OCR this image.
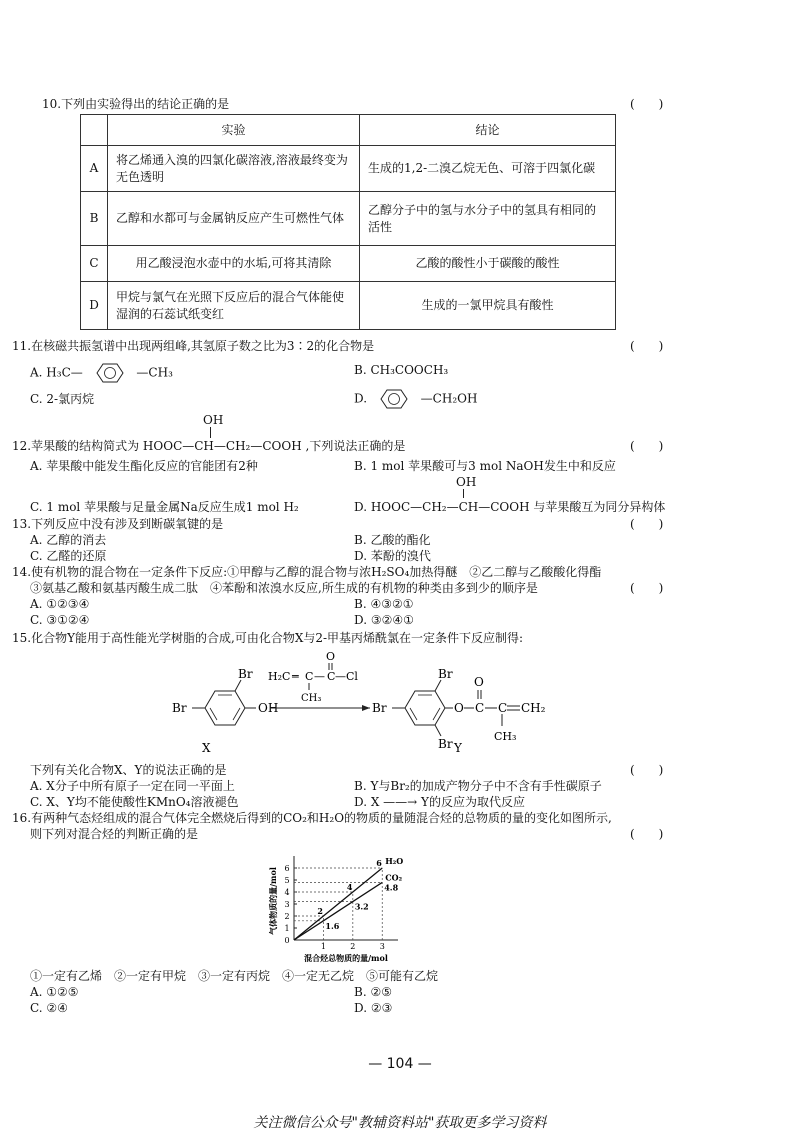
10.下列由实验得出的结论正确的是	(　　)
	实验	结论
A	将乙烯通入溴的四氯化碳溶液,溶液最终变为无色透明	生成的1,2-二溴乙烷无色、可溶于四氯化碳
B	乙醇和水都可与金属钠反应产生可燃性气体	乙醇分子中的氢与水分子中的氢具有相同的活性
C	用乙酸浸泡水壶中的水垢,可将其清除	乙酸的酸性小于碳酸的酸性
D	甲烷与氯气在光照下反应后的混合气体能使湿润的石蕊试纸变红	生成的一氯甲烷具有酸性
11.在核磁共振氢谱中出现两组峰,其氢原子数之比为3∶2的化合物是	(　　)
A. H₃C—	—CH₃	B. CH₃COOCH₃
C. 2-氯丙烷	D.	—CH₂OH
OH
12.苹果酸的结构简式为 HOOC—CH—CH₂—COOH ,下列说法正确的是	(　　)
A. 苹果酸中能发生酯化反应的官能团有2种	B. 1 mol 苹果酸可与3 mol NaOH发生中和反应
OH
C. 1 mol 苹果酸与足量金属Na反应生成1 mol H₂	D. HOOC—CH₂—CH—COOH 与苹果酸互为同分异构体
13.下列反应中没有涉及到断碳氧键的是	(　　)
A. 乙醇的消去	B. 乙酸的酯化
C. 乙醛的还原	D. 苯酚的溴代
14.使有机物的混合物在一定条件下反应:①甲醇与乙醇的混合物与浓H₂SO₄加热得醚　②乙二醇与乙酸酸化得酯
③氨基乙酸和氨基丙酸生成二肽　④苯酚和浓溴水反应,所生成的有机物的种类由多到少的顺序是	(　　)
A. ①②③④	B. ④③②①
C. ③①②④	D. ③②④①
15.化合物Y能用于高性能光学树脂的合成,可由化合物X与2-甲基丙烯酰氯在一定条件下反应制得:
Br
Br	OH
X
H₂C ═ C — C —Cl
O
CH₃
Br
Br
Br
O C
O
C CH₂
CH₃
Y
下列有关化合物X、Y的说法正确的是	(　　)
A. X分子中所有原子一定在同一平面上	B. Y与Br₂的加成产物分子中不含有手性碳原子
C. X、Y均不能使酸性KMnO₄溶液褪色	D. X ——→ Y的反应为取代反应
16.有两种气态烃组成的混合气体完全燃烧后得到的CO₂和H₂O的物质的量随混合烃的总物质的量的变化如图所示,
则下列对混合烃的判断正确的是	(　　)
0
1
2
3
4
5
6
1	2	3
H₂O
CO₂
2
1.6
4
3.2
6
4.8
混合烃总物质的量/mol
气体物质的量/mol
①一定有乙烯　②一定有甲烷　③一定有丙烷　④一定无乙烷　⑤可能有乙烷
A. ①②⑤	B. ②⑤
C. ②④	D. ②③
— 104 —
关注微信公众号"教辅资料站"获取更多学习资料
